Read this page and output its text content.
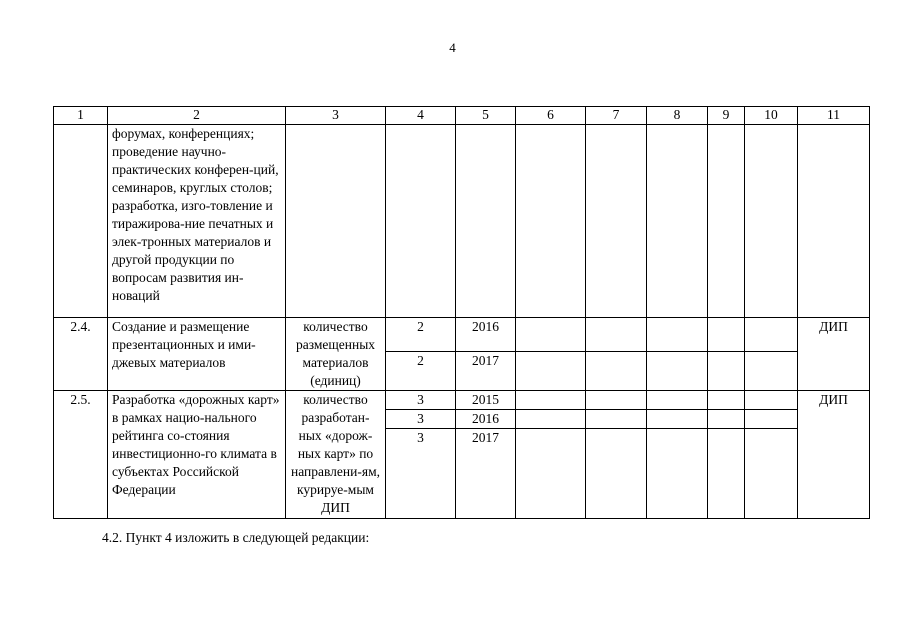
4
1	2	3	4	5	6	7	8	9	10	11
	форумах, конференциях; проведение научно-практических конферен-ций, семинаров, круглых столов; разработка, изго-товление и тиражирова-ние печатных и элек-тронных материалов и другой продукции по вопросам развития ин-новаций									
2.4.	Создание и размещение презентационных и ими-джевых материалов	количество размещенных материалов (единиц)	2	2016						ДИП
			2	2017						
2.5.	Разработка «дорожных карт» в рамках нацио-нального рейтинга со-стояния инвестиционно-го климата в субъектах Российской Федерации	количество разработан-ных «дорож-ных карт» по направлени-ям, курируе-мым ДИП	3	2015						ДИП
			3	2016						
			3	2017						
4.2. Пункт 4 изложить в следующей редакции:
